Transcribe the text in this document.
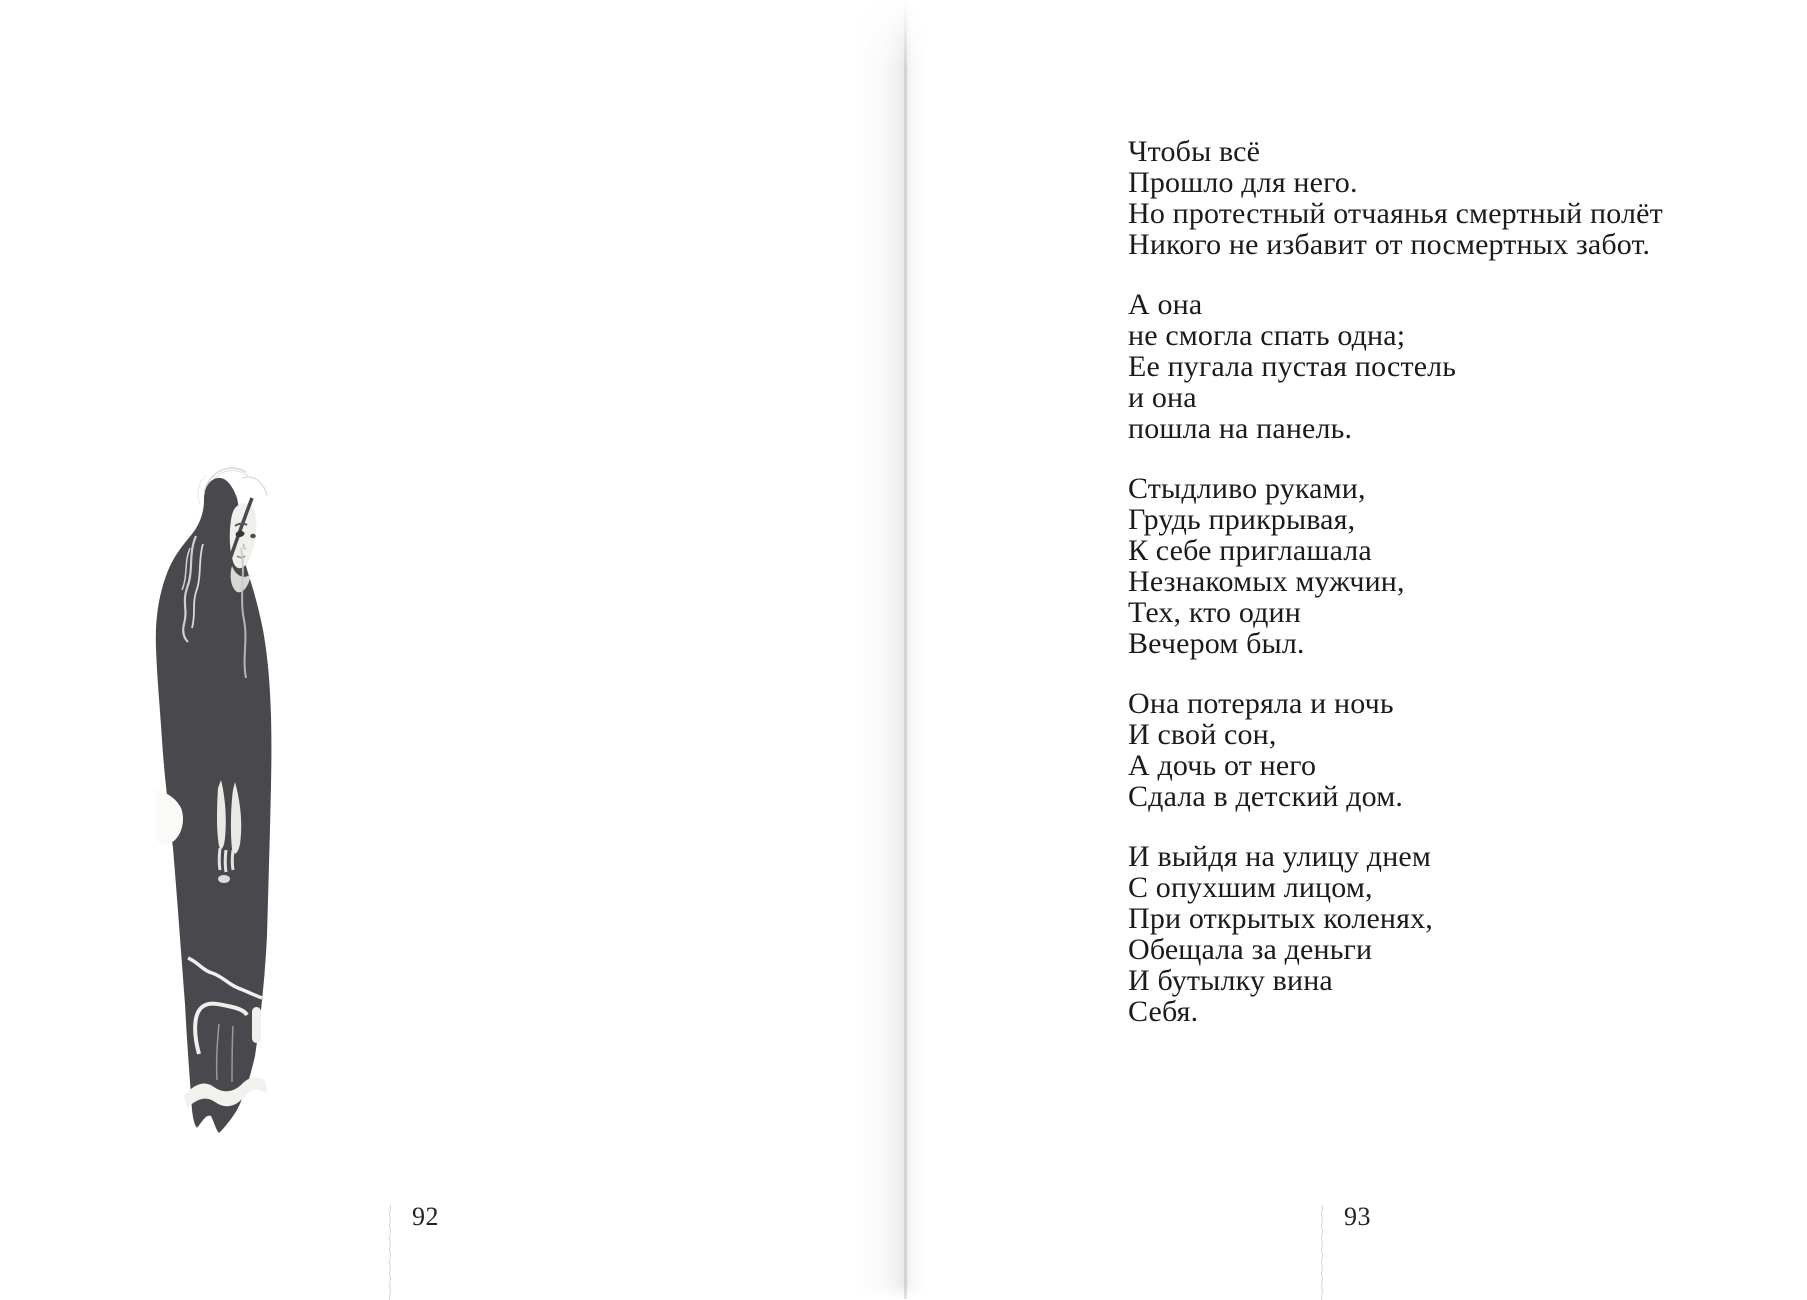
92

Чтобы всё
Прошло для него.
Но протестный отчаянья смертный полёт
Никого не избавит от посмертных забот.

А она
не смогла спать одна;
Ее пугала пустая постель
и она
пошла на панель.

Стыдливо руками,
Грудь прикрывая,
К себе приглашала
Незнакомых мужчин,
Тех, кто один
Вечером был.

Она потеряла и ночь
И свой сон,
А дочь от него
Сдала в детский дом.

И выйдя на улицу днем
С опухшим лицом,
При открытых коленях,
Обещала за деньги
И бутылку вина
Себя.

93
